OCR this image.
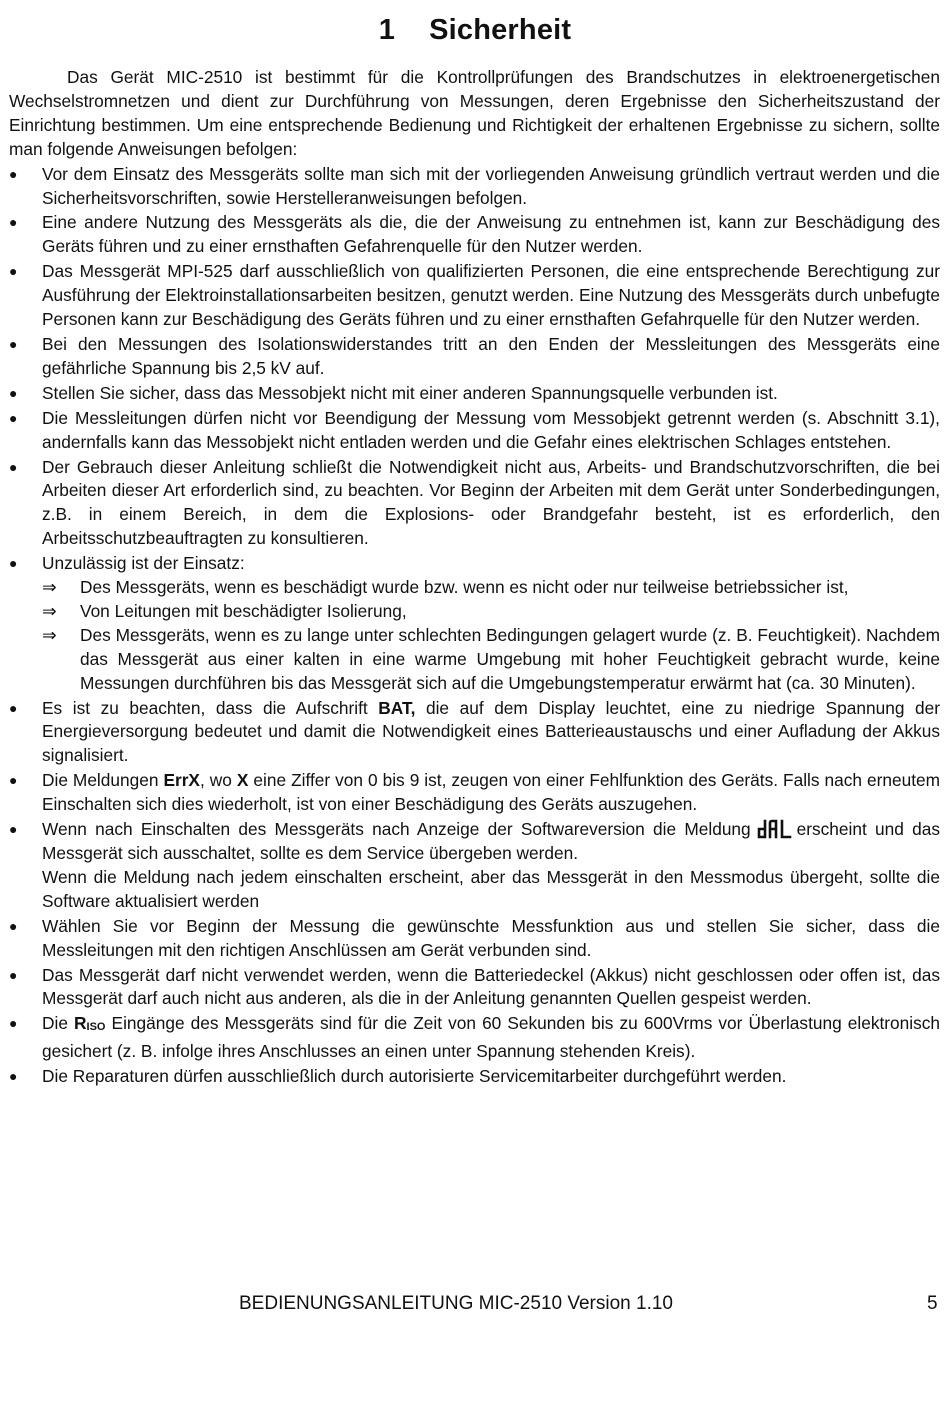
1 Sicherheit

Das Gerät MIC-2510 ist bestimmt für die Kontrollprüfungen des Brandschutzes in elektroenergetischen Wechselstromnetzen und dient zur Durchführung von Messungen, deren Ergebnisse den Sicherheitszustand der Einrichtung bestimmen. Um eine entsprechende Bedienung und Richtigkeit der erhaltenen Ergebnisse zu sichern, sollte man folgende Anweisungen befolgen:

●	Vor dem Einsatz des Messgeräts sollte man sich mit der vorliegenden Anweisung gründlich vertraut werden und die Sicherheitsvorschriften, sowie Herstelleranweisungen befolgen.
●	Eine andere Nutzung des Messgeräts als die, die der Anweisung zu entnehmen ist, kann zur Beschädigung des Geräts führen und zu einer ernsthaften Gefahrenquelle für den Nutzer werden.
●	Das Messgerät MPI-525 darf ausschließlich von qualifizierten Personen, die eine entsprechende Berechtigung zur Ausführung der Elektroinstallationsarbeiten besitzen, genutzt werden. Eine Nutzung des Messgeräts durch unbefugte Personen kann zur Beschädigung des Geräts führen und zu einer ernsthaften Gefahrquelle für den Nutzer werden.
●	Bei den Messungen des Isolationswiderstandes tritt an den Enden der Messleitungen des Messgeräts eine gefährliche Spannung bis 2,5 kV auf.
●	Stellen Sie sicher, dass das Messobjekt nicht mit einer anderen Spannungsquelle verbunden ist.
●	Die Messleitungen dürfen nicht vor Beendigung der Messung vom Messobjekt getrennt werden (s. Abschnitt 3.1), andernfalls kann das Messobjekt nicht entladen werden und die Gefahr eines elektrischen Schlages entstehen.
●	Der Gebrauch dieser Anleitung schließt die Notwendigkeit nicht aus, Arbeits- und Brandschutzvorschriften, die bei Arbeiten dieser Art erforderlich sind, zu beachten. Vor Beginn der Arbeiten mit dem Gerät unter Sonderbedingungen, z.B. in einem Bereich, in dem die Explosions- oder Brandgefahr besteht, ist es erforderlich, den Arbeitsschutzbeauftragten zu konsultieren.
●	Unzulässig ist der Einsatz:
⇒ Des Messgeräts, wenn es beschädigt wurde bzw. wenn es nicht oder nur teilweise betriebssicher ist,
⇒ Von Leitungen mit beschädigter Isolierung,
⇒ Des Messgeräts, wenn es zu lange unter schlechten Bedingungen gelagert wurde (z. B. Feuchtigkeit). Nachdem das Messgerät aus einer kalten in eine warme Umgebung mit hoher Feuchtigkeit gebracht wurde, keine Messungen durchführen bis das Messgerät sich auf die Umgebungstemperatur erwärmt hat (ca. 30 Minuten).
●	Es ist zu beachten, dass die Aufschrift BAT, die auf dem Display leuchtet, eine zu niedrige Spannung der Energieversorgung bedeutet und damit die Notwendigkeit eines Batterieaustauschs und einer Aufladung der Akkus signalisiert.
●	Die Meldungen ErrX, wo X eine Ziffer von 0 bis 9 ist, zeugen von einer Fehlfunktion des Geräts. Falls nach erneutem Einschalten sich dies wiederholt, ist von einer Beschädigung des Geräts auszugehen.
●	Wenn nach Einschalten des Messgeräts nach Anzeige der Softwareversion die Meldung	dAL erscheint und das Messgerät sich ausschaltet, sollte es dem Service übergeben werden.
Wenn die Meldung nach jedem einschalten erscheint, aber das Messgerät in den Messmodus übergeht, sollte die Software aktualisiert werden
●	Wählen Sie vor Beginn der Messung die gewünschte Messfunktion aus und stellen Sie sicher, dass die Messleitungen mit den richtigen Anschlüssen am Gerät verbunden sind.
●	Das Messgerät darf nicht verwendet werden, wenn die Batteriedeckel (Akkus) nicht geschlossen oder offen ist, das Messgerät darf auch nicht aus anderen, als die in der Anleitung genannten Quellen gespeist werden.
●	Die RISO Eingänge des Messgeräts sind für die Zeit von 60 Sekunden bis zu 600Vrms vor Überlastung elektronisch gesichert (z. B. infolge ihres Anschlusses an einen unter Spannung stehenden Kreis).
●	Die Reparaturen dürfen ausschließlich durch autorisierte Servicemitarbeiter durchgeführt werden.
BEDIENUNGSANLEITUNG MIC-2510 Version 1.10	5
